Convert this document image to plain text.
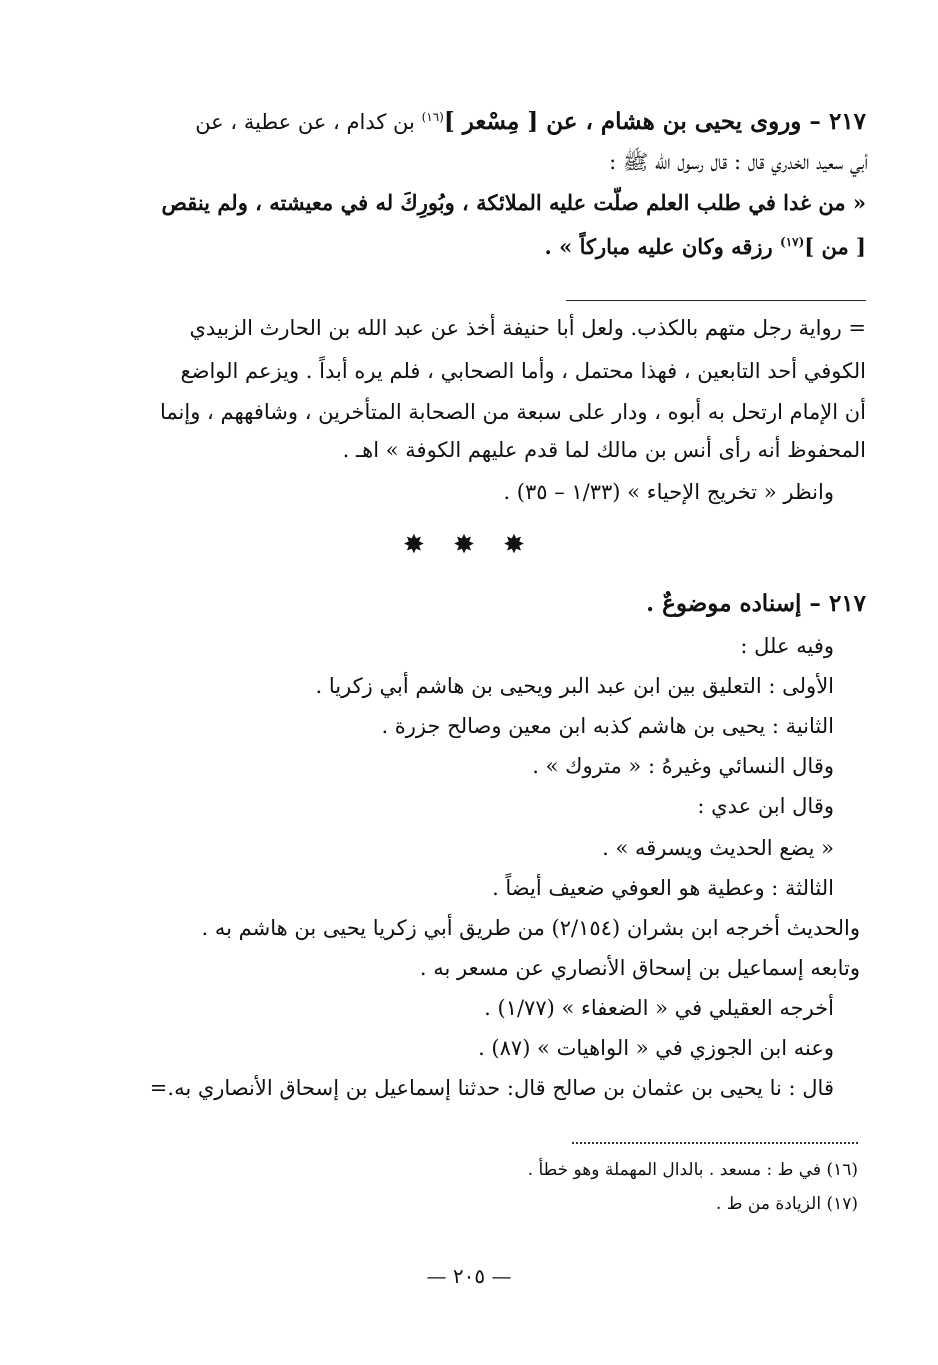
٢١٧ – وروى يحيى بن هشام ، عن [ مِسْعر ]$^{(١٦)}$ بن كدام ، عن عطية ، عن

أبي سعيد الخدري قال : قال رسول الله ﷺ :

« من غدا في طلب العلم صلّت عليه الملائكة ، وبُورِكَ له في معيشته ، ولم ينقص

[ من ]$^{(١٧)}$ رزقه وكان عليه مباركاً » .

= رواية رجل متهم بالكذب. ولعل أبا حنيفة أخذ عن عبد الله بن الحارث الزبيدي

الكوفي أحد التابعين ، فهذا محتمل ، وأما الصحابي ، فلم يره أبداً . ويزعم الواضع

أن الإمام ارتحل به أبوه ، ودار على سبعة من الصحابة المتأخرين ، وشافههم ، وإنما

المحفوظ أنه رأى أنس بن مالك لما قدم عليهم الكوفة » اهـ .

وانظر « تخريج الإحياء » (١/٣٣ – ٣٥) .

✸ ✸ ✸

٢١٧ – إسناده موضوعٌ .

وفيه علل :

الأولى : التعليق بين ابن عبد البر ويحيى بن هاشم أبي زكريا .

الثانية : يحيى بن هاشم كذبه ابن معين وصالح جزرة .

وقال النسائي وغيرهُ : « متروك » .

وقال ابن عدي :

« يضع الحديث ويسرقه » .

الثالثة : وعطية هو العوفي ضعيف أيضاً .

والحديث أخرجه ابن بشران (٢/١٥٤) من طريق أبي زكريا يحيى بن هاشم به .

وتابعه إسماعيل بن إسحاق الأنصاري عن مسعر به .

أخرجه العقيلي في « الضعفاء » (١/٧٧) .

وعنه ابن الجوزي في « الواهيات » (٨٧) .

قال : نا يحيى بن عثمان بن صالح قال: حدثنا إسماعيل بن إسحاق الأنصاري به.=

(١٦) في ط : مسعد . بالدال المهملة وهو خطأ .

(١٧) الزيادة من ط .

— ٢٠٥ —
